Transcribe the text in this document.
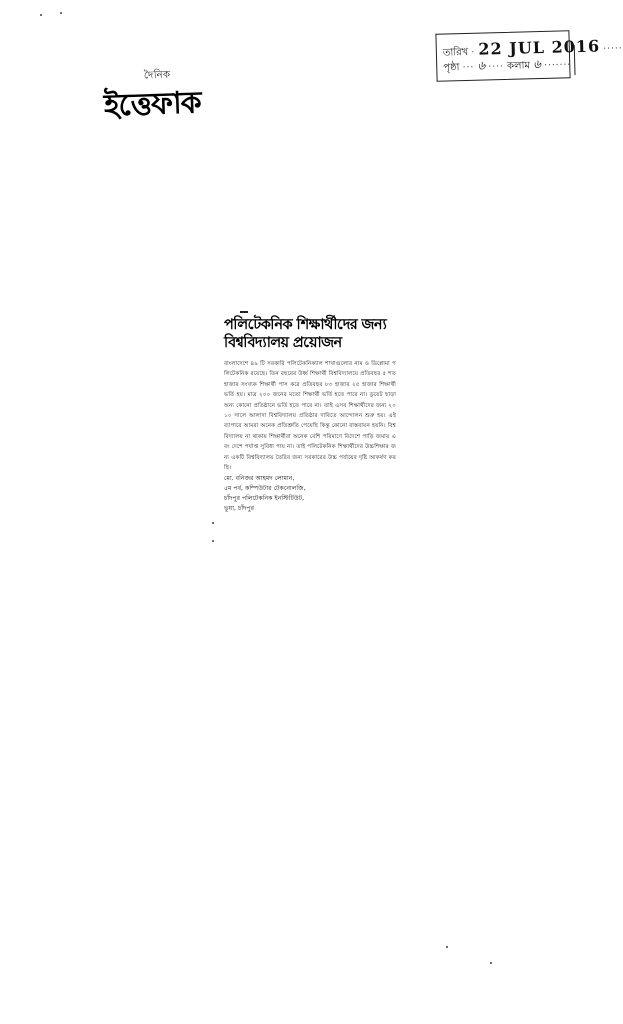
দৈনিক
ইত্তেফাক
তারিখ · 22 JUL 2016 ·····
পৃষ্ঠা ··· ৬ ···· কলাম ৬ ·······
পলিটেকনিক শিক্ষার্থীদের জন্য
বিশ্ববিদ্যালয় প্রয়োজন
বাংলাদেশে ৪৯ টি সরকারি পলিটেকনিক্যাল শাখাগুলোর নাম ও ডিপ্লোমা পলিটেকনিক রয়েছে। তিন বছরের উর্ধ্ব শিক্ষার্থী বিশ্ববিদ্যালয়ে প্রতিবছর ৫ শত হাজার সংখ্যক শিক্ষার্থী পাস করে প্রতিবছর ৮৩ হাজার ২৫ হাজার শিক্ষার্থী ভর্তি হয়। মাত্র ২০০ জনের মতো শিক্ষার্থী ভর্তি হতে পারে না। ডুয়েট ছাড়া অন্য কোনো প্রতিষ্ঠানে ভর্তি হতে পারে না। তাই এসব শিক্ষার্থীদের জন্য ২০১০ সালে আলাদা বিশ্ববিদ্যালয় প্রতিষ্ঠার দাবিতে আন্দোলন শুরু হয়। এই ব্যাপারে আমরা অনেক প্রতিশ্রুতি পেয়েছি কিন্তু কোনো বাস্তবায়ন হয়নি। বিশ্ববিদ্যালয় না থাকায় শিক্ষার্থীরা অনেক বেশি পরিমাণে বিদেশে পাড়ি জমায় এবং দেশে পর্যাপ্ত সুবিধা পায় না। তাই পলিটেকনিক শিক্ষার্থীদের উচ্চশিক্ষার জন্য একটি বিশ্ববিদ্যালয় তৈরির জন্য সরকারের উচ্চ পর্যায়ের দৃষ্টি আকর্ষণ করছি।
মো. বনিজর আহমদ লোমান,
৫ম পর্ব, কম্পিউটার টেকনোলজি,
চাঁদপুর পলিটেকনিক ইনস্টিটিউট,
ভুয়া, চাঁদপুর
